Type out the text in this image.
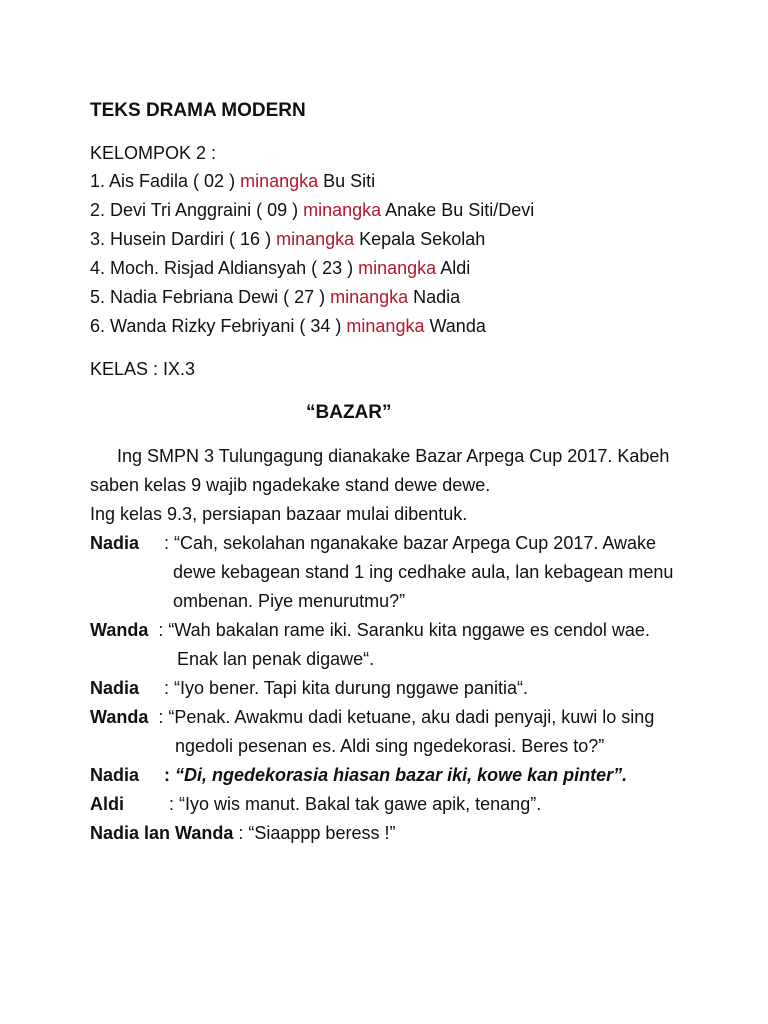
TEKS DRAMA MODERN
KELOMPOK 2 :
1. Ais Fadila ( 02 ) minangka Bu Siti
2. Devi Tri Anggraini ( 09 ) minangka Anake Bu Siti/Devi
3. Husein Dardiri ( 16 ) minangka Kepala Sekolah
4. Moch. Risjad Aldiansyah ( 23 ) minangka Aldi
5. Nadia Febriana Dewi ( 27 ) minangka Nadia
6. Wanda Rizky Febriyani ( 34 ) minangka Wanda
KELAS : IX.3
“BAZAR”

Ing SMPN 3 Tulungagung dianakake Bazar Arpega Cup 2017. Kabeh

saben kelas 9 wajib ngadekake stand dewe dewe.

Ing kelas 9.3, persiapan bazaar mulai dibentuk.

Nadia     : “Cah, sekolahan nganakake bazar Arpega Cup 2017. Awake
dewe kebagean stand 1 ing cedhake aula, lan kebagean menu
ombenan. Piye menurutmu?”
Wanda  : “Wah bakalan rame iki. Saranku kita nggawe es cendol wae.
Enak lan penak digawe“.
Nadia     : “Iyo bener. Tapi kita durung nggawe panitia“.
Wanda  : “Penak. Awakmu dadi ketuane, aku dadi penyaji, kuwi lo sing
ngedoli pesenan es. Aldi sing ngedekorasi. Beres to?”
Nadia     : “Di, ngedekorasia hiasan bazar iki, kowe kan pinter”.
Aldi         : “Iyo wis manut. Bakal tak gawe apik, tenang”.
Nadia lan Wanda : “Siaappp beress !”
